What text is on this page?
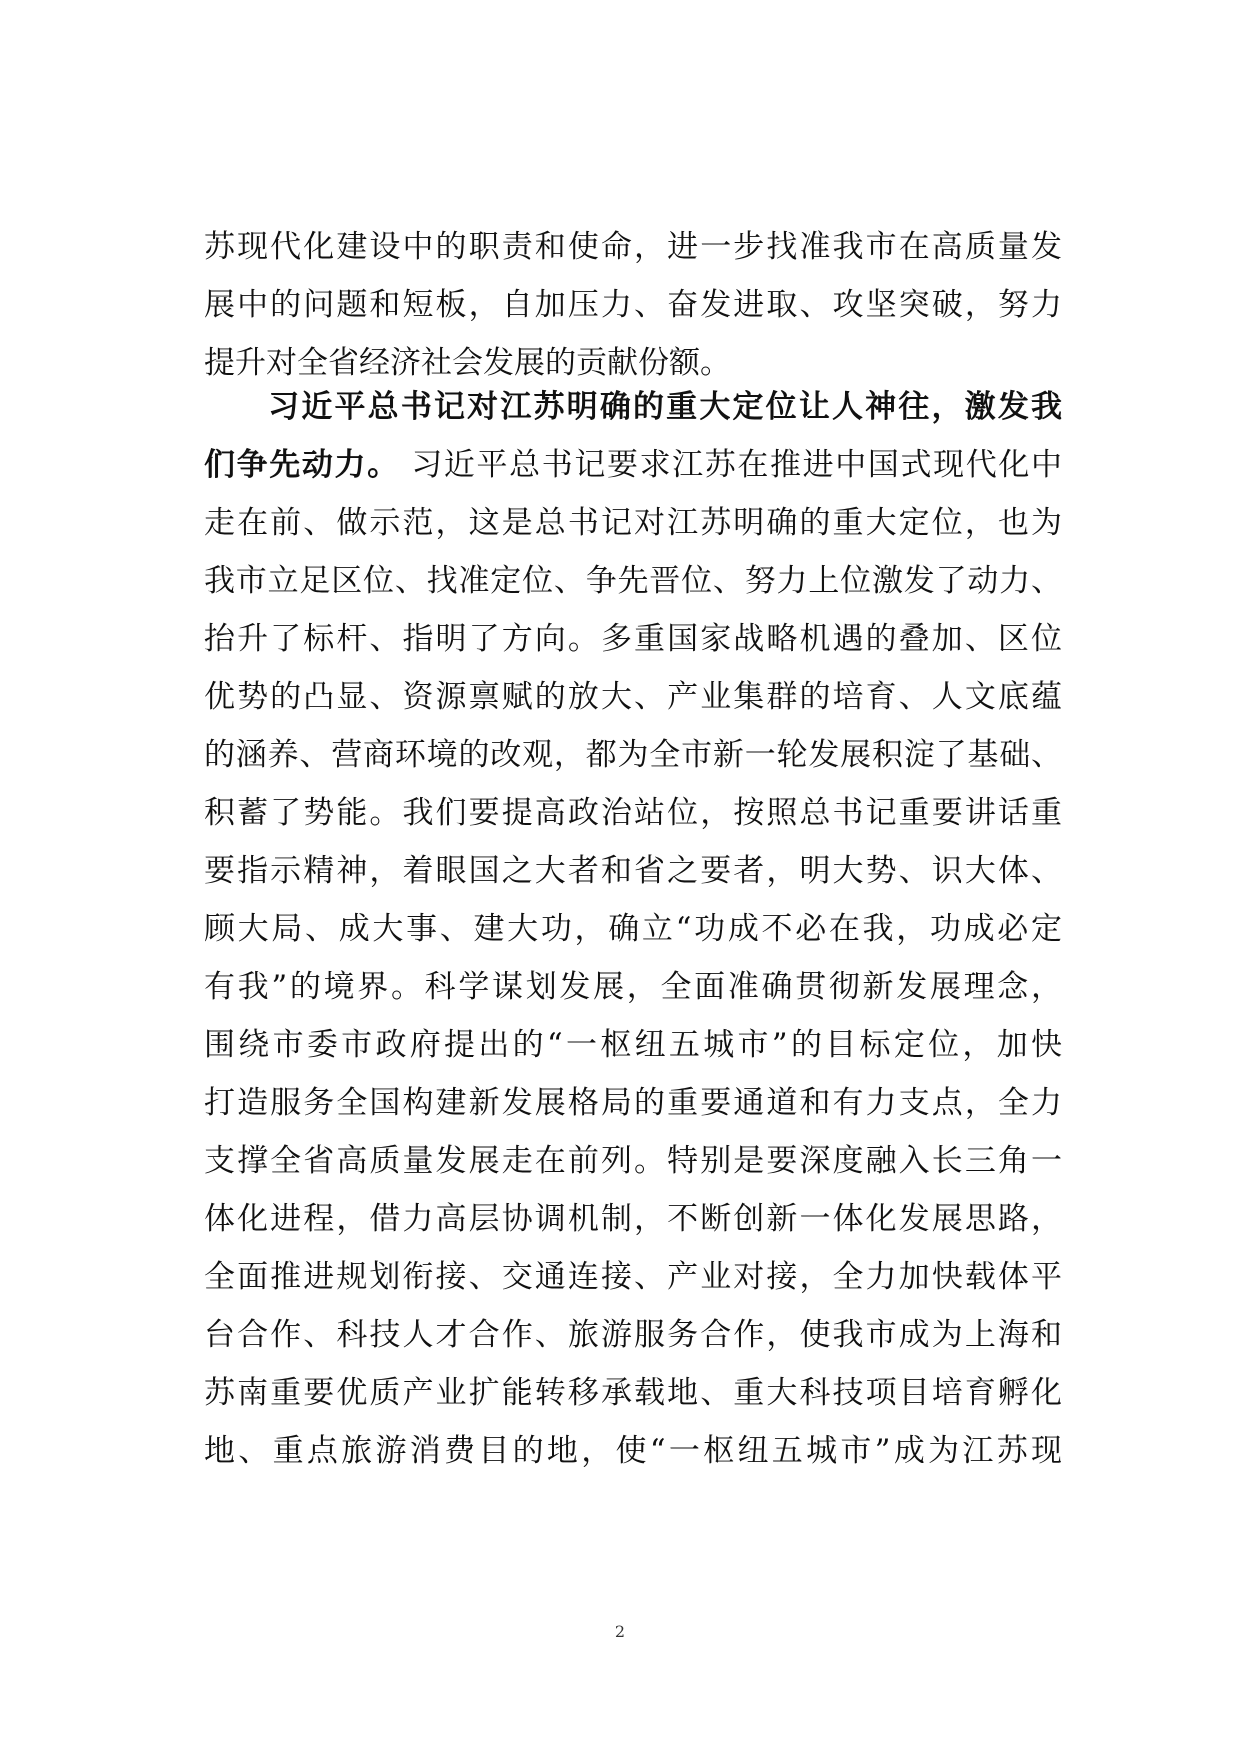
苏现代化建设中的职责和使命，进一步找准我市在高质量发
展中的问题和短板，自加压力、奋发进取、攻坚突破，努力
提升对全省经济社会发展的贡献份额。
习近平总书记对江苏明确的重大定位让人神往，激发我
们争先动力。 习近平总书记要求江苏在推进中国式现代化中
走在前、做示范，这是总书记对江苏明确的重大定位，也为
我市立足区位、找准定位、争先晋位、努力上位激发了动力、
抬升了标杆、指明了方向。多重国家战略机遇的叠加、区位
优势的凸显、资源禀赋的放大、产业集群的培育、人文底蕴
的涵养、营商环境的改观，都为全市新一轮发展积淀了基础、
积蓄了势能。我们要提高政治站位，按照总书记重要讲话重
要指示精神，着眼国之大者和省之要者，明大势、识大体、
顾大局、成大事、建大功，确立“功成不必在我，功成必定
有我”的境界。科学谋划发展，全面准确贯彻新发展理念，
围绕市委市政府提出的“一枢纽五城市”的目标定位，加快
打造服务全国构建新发展格局的重要通道和有力支点，全力
支撑全省高质量发展走在前列。特别是要深度融入长三角一
体化进程，借力高层协调机制，不断创新一体化发展思路，
全面推进规划衔接、交通连接、产业对接，全力加快载体平
台合作、科技人才合作、旅游服务合作，使我市成为上海和
苏南重要优质产业扩能转移承载地、重大科技项目培育孵化
地、重点旅游消费目的地，使“一枢纽五城市”成为江苏现
2
